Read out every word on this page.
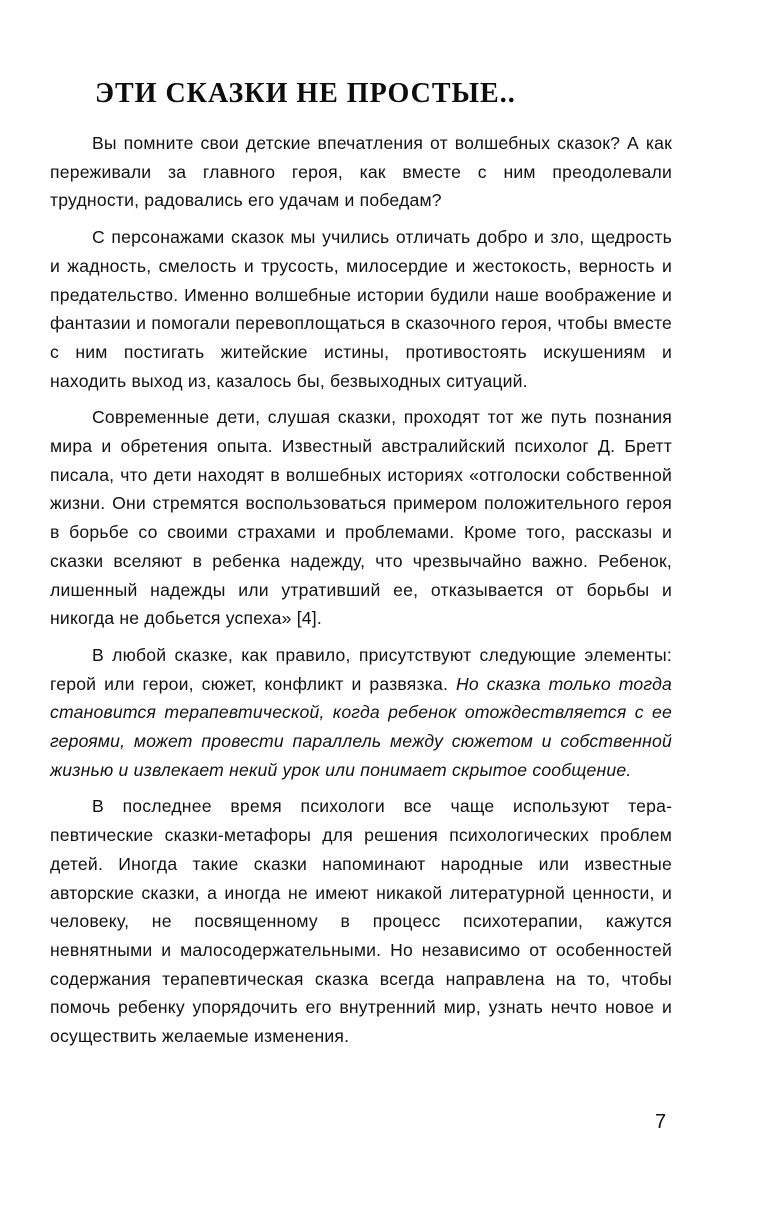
ЭТИ СКАЗКИ НЕ ПРОСТЫЕ..

Вы помните свои детские впечатления от волшебных сказок? А как переживали за главного героя, как вместе с ним преодолевали трудности, радовались его удачам и победам?

С персонажами сказок мы учились отличать добро и зло, щедрость и жадность, смелость и трусость, милосердие и жестокость, верность и предательство. Именно волшебные истории будили наше воображение и фантазии и помогали перевоплощаться в сказочного героя, чтобы вместе с ним постигать житейские истины, противостоять искушениям и находить выход из, казалось бы, безвыходных ситуаций.

Современные дети, слушая сказки, проходят тот же путь познания мира и обретения опыта. Известный австралийский психолог Д. Бретт писала, что дети находят в волшебных историях «отголоски собственной жизни. Они стремятся воспользоваться примером положительного героя в борьбе со своими страхами и проблемами. Кроме того, рассказы и сказки вселяют в ребенка надежду, что чрезвычайно важно. Ребенок, лишенный надежды или утративший ее, отказывается от борьбы и никогда не добьется успеха» [4].

В любой сказке, как правило, присутствуют следующие элементы: герой или герои, сюжет, конфликт и развязка. Но сказка только тогда становится терапевтической, когда ребенок отождествляется с ее героями, может провести параллель между сюжетом и собственной жизнью и извлекает некий урок или понимает скрытое сообщение.

В последнее время психологи все чаще используют терапевтические сказки-метафоры для решения психологических проблем детей. Иногда такие сказки напоминают народные или известные авторские сказки, а иногда не имеют никакой литературной ценности, и человеку, не посвященному в процесс психотерапии, кажутся невнятными и малосодержательными. Но независимо от особенностей содержания терапевтическая сказка всегда направлена на то, чтобы помочь ребенку упорядочить его внутренний мир, узнать нечто новое и осуществить желаемые изменения.

7
